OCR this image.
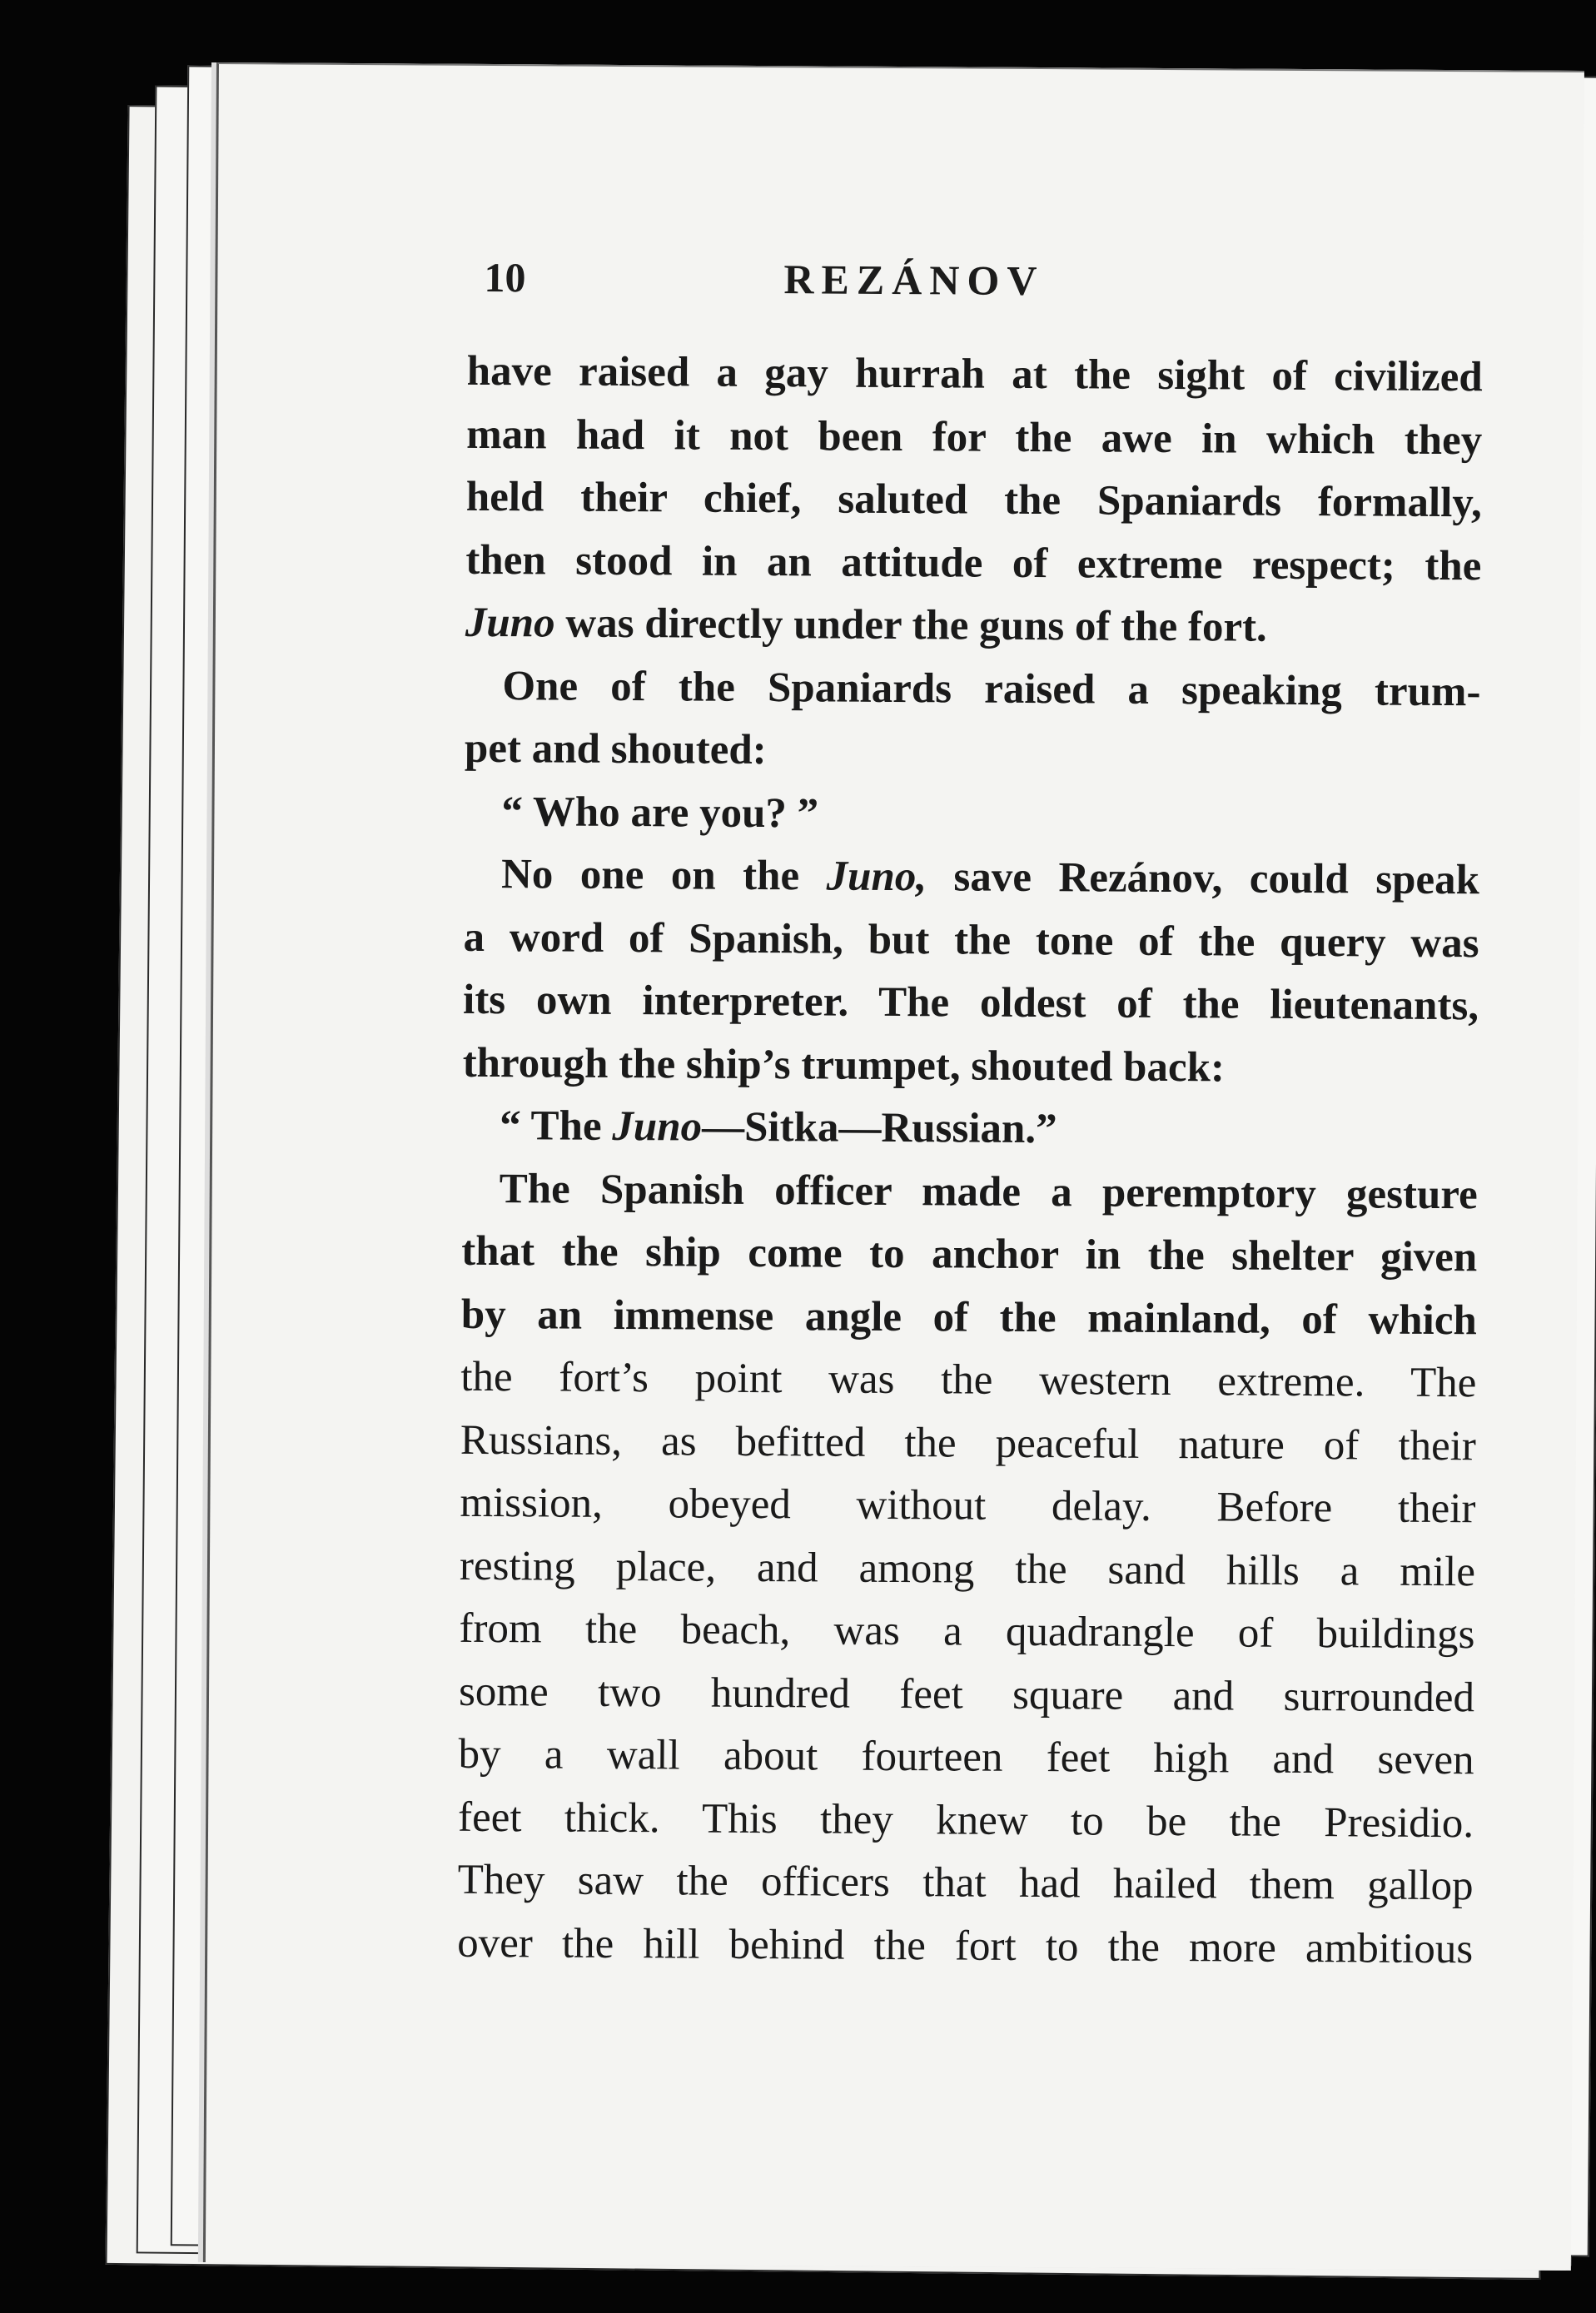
10	REZÁNOV
have raised a gay hurrah at the sight of civilized
man had it not been for the awe in which they
held their chief, saluted the Spaniards formally,
then stood in an attitude of extreme respect; the
Juno was directly under the guns of the fort.
One of the Spaniards raised a speaking trum-
pet and shouted:
“ Who are you? ”
No one on the Juno, save Rezánov, could speak
a word of Spanish, but the tone of the query was
its own interpreter. The oldest of the lieutenants,
through the ship’s trumpet, shouted back:
“ The Juno—Sitka—Russian.”
The Spanish officer made a peremptory gesture
that the ship come to anchor in the shelter given
by an immense angle of the mainland, of which
the fort’s point was the western extreme. The
Russians, as befitted the peaceful nature of their
mission, obeyed without delay. Before their
resting place, and among the sand hills a mile
from the beach, was a quadrangle of buildings
some two hundred feet square and surrounded
by a wall about fourteen feet high and seven
feet thick. This they knew to be the Presidio.
They saw the officers that had hailed them gallop
over the hill behind the fort to the more ambitious
